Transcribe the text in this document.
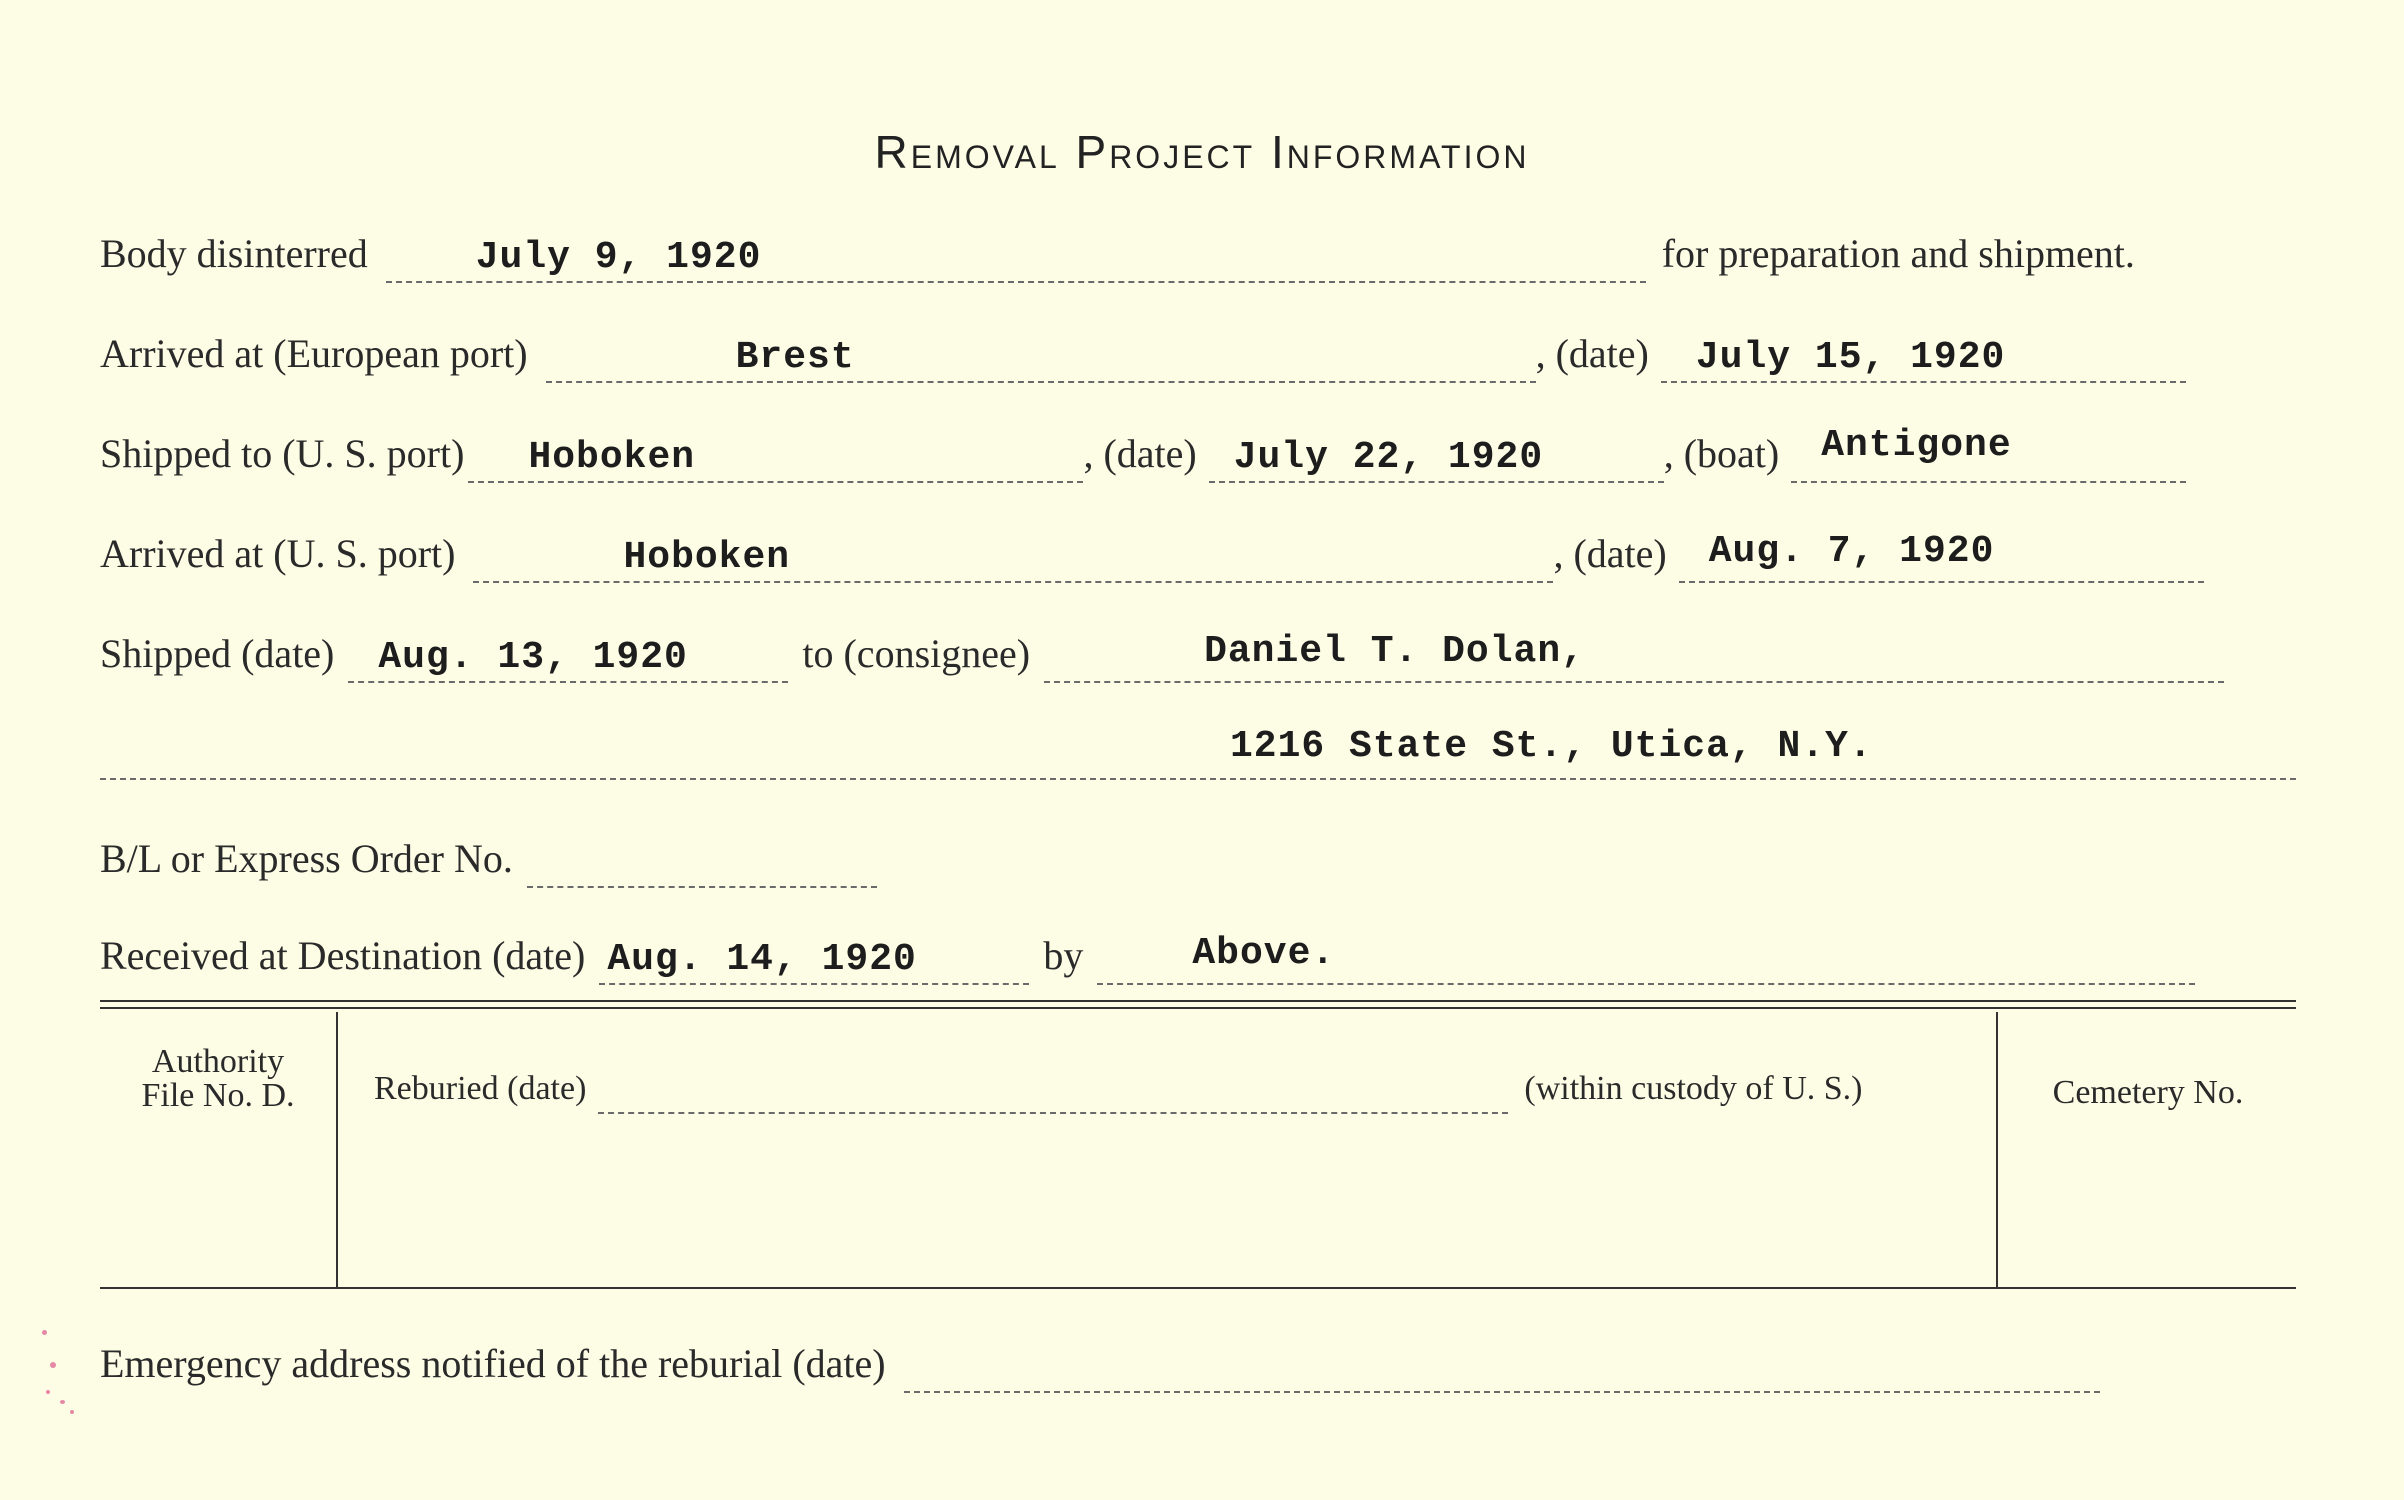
Removal Project Information
Body disinterred	July 9, 1920	for preparation and shipment.
Arrived at (European port)	Brest	, (date) July 15, 1920
Shipped to (U. S. port) Hoboken	, (date) July 22, 1920	, (boat) Antigone
Arrived at (U. S. port)	Hoboken	, (date) Aug. 7, 1920
Shipped (date) Aug. 13, 1920	to (consignee)	Daniel T. Dolan,
1216 State St., Utica, N.Y.
B/L or Express Order No.
Received at Destination (date) Aug. 14, 1920	by	Above.
Authority
File No. D.	Reburied (date)	(within custody of U. S.)	Cemetery No.
Emergency address notified of the reburial (date)
